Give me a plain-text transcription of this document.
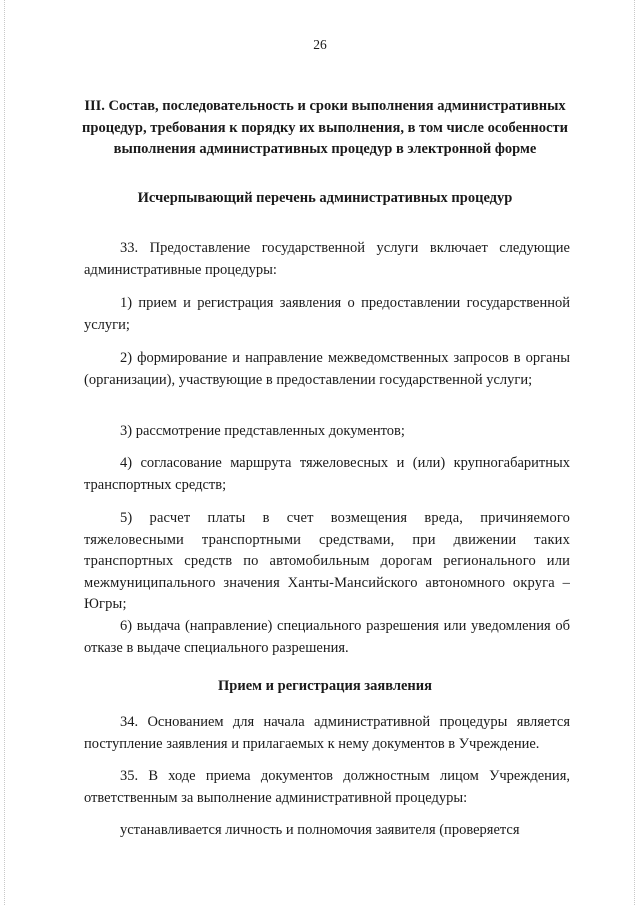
26
III. Состав, последовательность и сроки выполнения административных процедур, требования к порядку их выполнения, в том числе особенности выполнения административных процедур в электронной форме
Исчерпывающий перечень административных процедур
33. Предоставление государственной услуги включает следующие административные процедуры:
1) прием и регистрация заявления о предоставлении государственной услуги;
2) формирование и направление межведомственных запросов в органы (организации), участвующие в предоставлении государственной услуги;
3) рассмотрение представленных документов;
4) согласование маршрута тяжеловесных и (или) крупногабаритных транспортных средств;
5) расчет платы в счет возмещения вреда, причиняемого тяжеловесными транспортными средствами, при движении таких транспортных средств по автомобильным дорогам регионального или межмуниципального значения Ханты-Мансийского автономного округа – Югры;
6) выдача (направление) специального разрешения или уведомления об отказе в выдаче специального разрешения.
Прием и регистрация заявления
34. Основанием для начала административной процедуры является поступление заявления и прилагаемых к нему документов в Учреждение.
35. В ходе приема документов должностным лицом Учреждения, ответственным за выполнение административной процедуры:
устанавливается личность и полномочия заявителя (проверяется
